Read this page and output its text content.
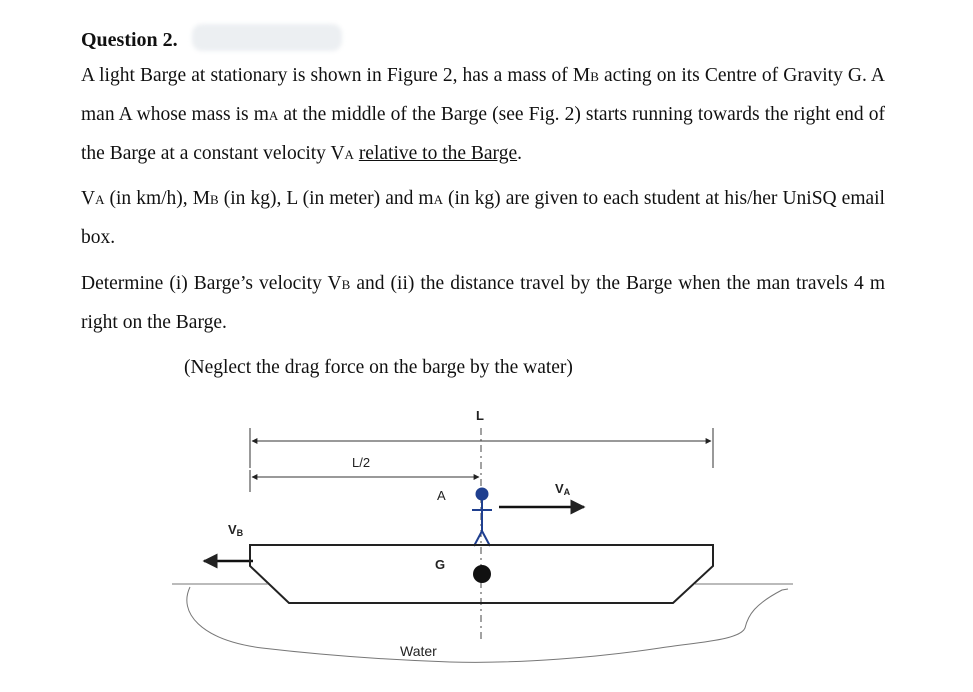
Question 2.
A light Barge at stationary is shown in Figure 2, has a mass of MB acting on its Centre of Gravity G. A man A whose mass is mA at the middle of the Barge (see Fig. 2) starts running towards the right end of the Barge at a constant velocity VA relative to the Barge.
VA (in km/h), MB (in kg), L (in meter) and mA (in kg) are given to each student at his/her UniSQ email box.
Determine (i) Barge’s velocity VB and (ii) the distance travel by the Barge when the man travels 4 m right on the Barge.
(Neglect the drag force on the barge by the water)
L
L/2
A
G
Water
VA
VB
